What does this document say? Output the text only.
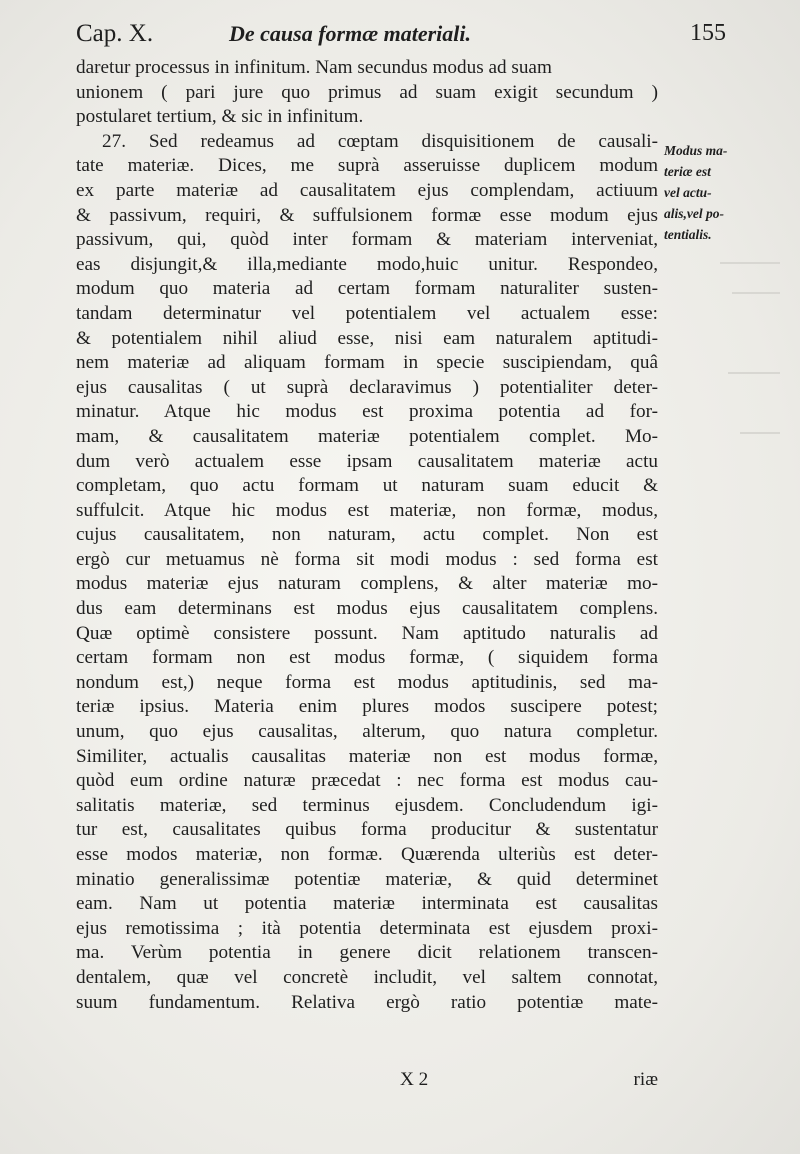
Cap. X.	De causa formæ materiali.	155
daretur processus in infinitum. Nam secundus modus ad suam
unionem ( pari jure quo primus ad suam exigit secundum )
postularet tertium, & sic in infinitum.
27. Sed redeamus ad cœptam disquisitionem de causali-
tate materiæ. Dices, me suprà asseruisse duplicem modum
ex parte materiæ ad causalitatem ejus complendam, actiuum
& passivum, requiri, & suffulsionem formæ esse modum ejus
passivum, qui, quòd inter formam & materiam interveniat,
eas disjungit,& illa,mediante modo,huic unitur. Respondeo,
modum quo materia ad certam formam naturaliter susten-
tandam determinatur vel potentialem vel actualem esse:
& potentialem nihil aliud esse, nisi eam naturalem aptitudi-
nem materiæ ad aliquam formam in specie suscipiendam, quâ
ejus causalitas ( ut suprà declaravimus ) potentialiter deter-
minatur. Atque hic modus est proxima potentia ad for-
mam, & causalitatem materiæ potentialem complet. Mo-
dum verò actualem esse ipsam causalitatem materiæ actu
completam, quo actu formam ut naturam suam educit &
suffulcit. Atque hic modus est materiæ, non formæ, modus,
cujus causalitatem, non naturam, actu complet. Non est
ergò cur metuamus nè forma sit modi modus : sed forma est
modus materiæ ejus naturam complens, & alter materiæ mo-
dus eam determinans est modus ejus causalitatem complens.
Quæ optimè consistere possunt. Nam aptitudo naturalis ad
certam formam non est modus formæ, ( siquidem forma
nondum est,) neque forma est modus aptitudinis, sed ma-
teriæ ipsius. Materia enim plures modos suscipere potest;
unum, quo ejus causalitas, alterum, quo natura completur.
Similiter, actualis causalitas materiæ non est modus formæ,
quòd eum ordine naturæ præcedat : nec forma est modus cau-
salitatis materiæ, sed terminus ejusdem. Concludendum igi-
tur est, causalitates quibus forma producitur & sustentatur
esse modos materiæ, non formæ. Quærenda ulteriùs est deter-
minatio generalissimæ potentiæ materiæ, & quid determinet
eam. Nam ut potentia materiæ interminata est causalitas
ejus remotissima ; ità potentia determinata est ejusdem proxi-
ma. Verùm potentia in genere dicit relationem transcen-
dentalem, quæ vel concretè includit, vel saltem connotat,
suum fundamentum. Relativa ergò ratio potentiæ mate-
Modus ma-
teriæ est
vel actu-
alis,vel po-
tentialis.
X 2	riæ
